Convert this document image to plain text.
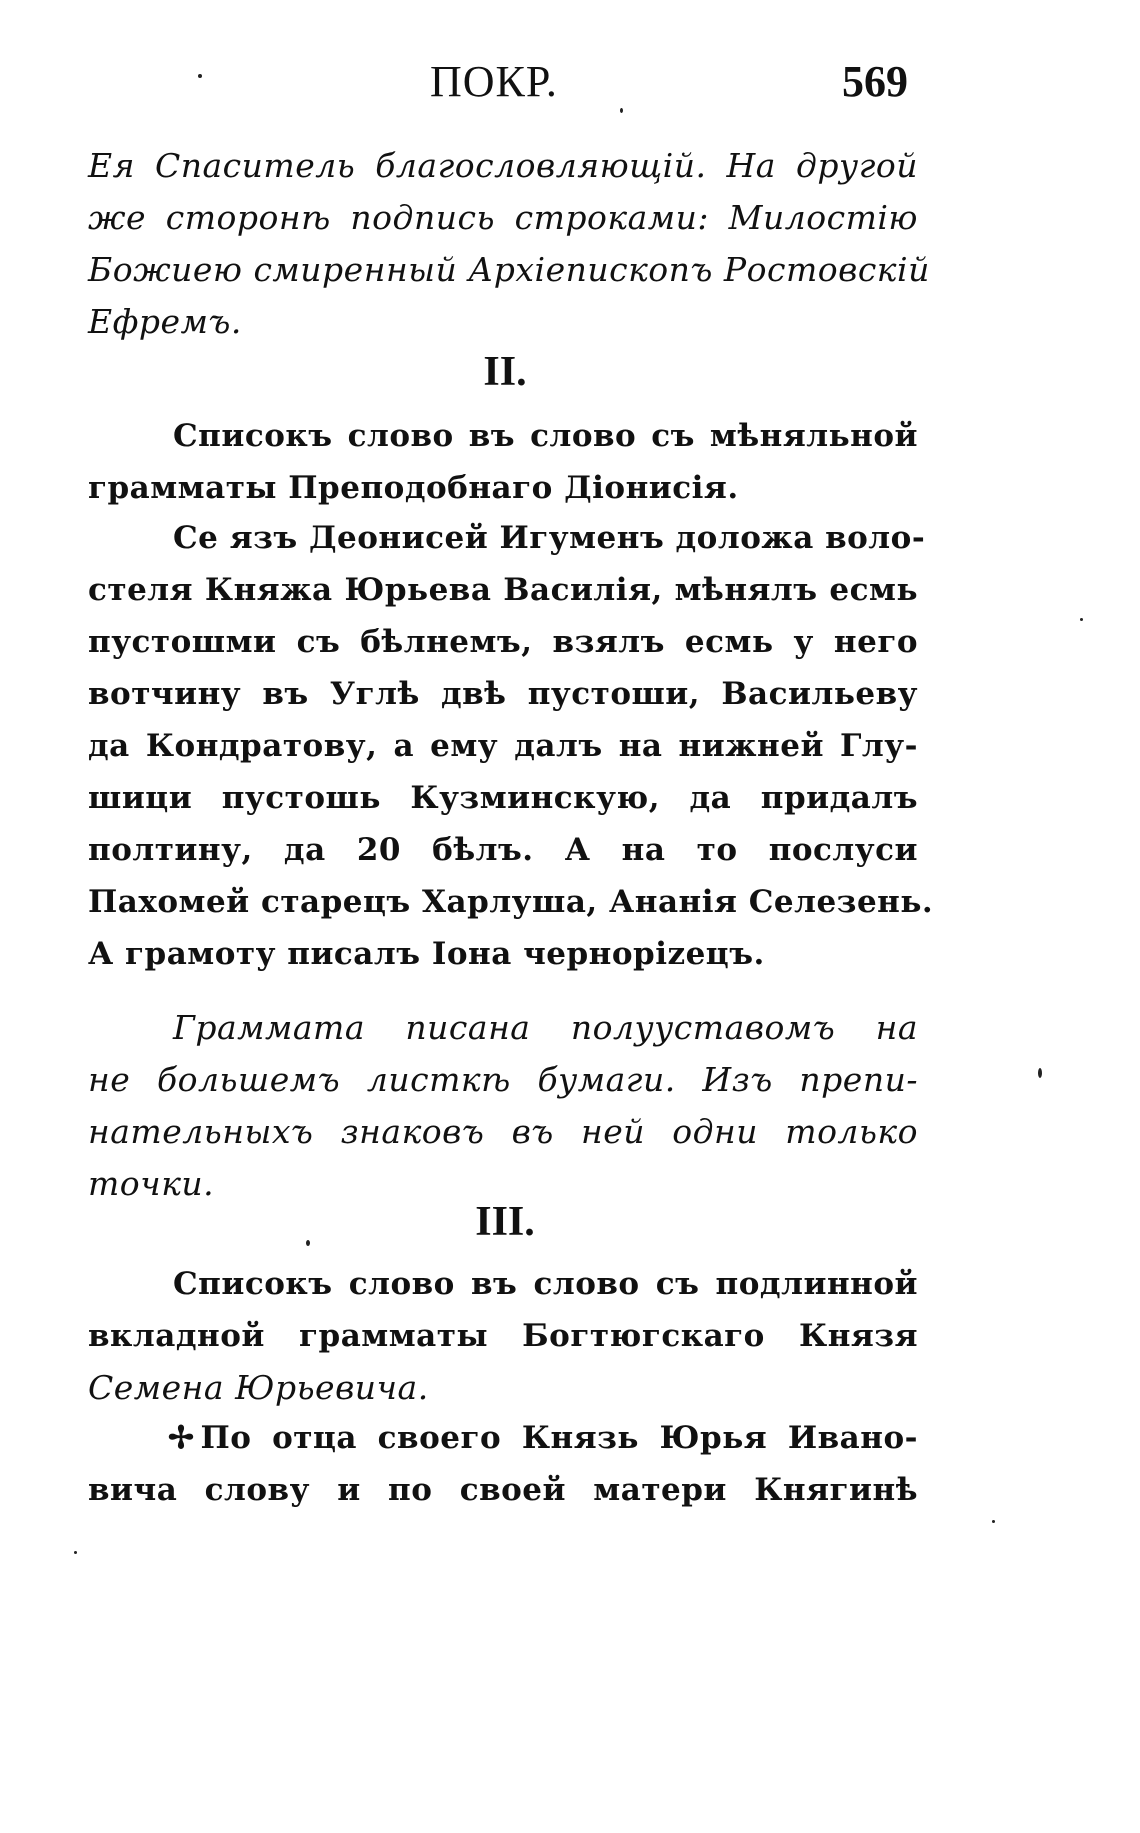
ПОКР.	569
Ея Спаситель благословляющій. На другой
же сторонѣ подпись строками: Милостію
Божиею смиренный Архіепископъ Ростовскій
Ефремъ.
II.
Списокъ слово въ слово съ мѣняльной
грамматы Преподобнаго Діонисія.
Се язъ Деонисей Игуменъ доложа воло-
стеля Княжа Юрьева Василія, мѣнялъ есмь
пустошми съ бѣлнемъ, взялъ есмь у него
вотчину въ Углѣ двѣ пустоши, Васильеву
да Кондратову, а ему далъ на нижней Глу-
шици пустошь Кузминскую, да придалъ
полтину, да 20 бѣлъ. А на то послуси
Пахомей старецъ Харлуша, Ананія Селезень.
А грамоту писалъ Іона чернорizецъ.
Граммата писана полууставомъ на
не большемъ листкѣ бумаги. Изъ препи-
нательныхъ знаковъ въ ней одни только
точки.
III.
Списокъ слово въ слово съ подлинной
вкладной грамматы Богтюгскаго Князя
Семена Юрьевича.
✢ По отца своего Князь Юрья Ивано-
вича слову и по своей матери Княгинѣ
